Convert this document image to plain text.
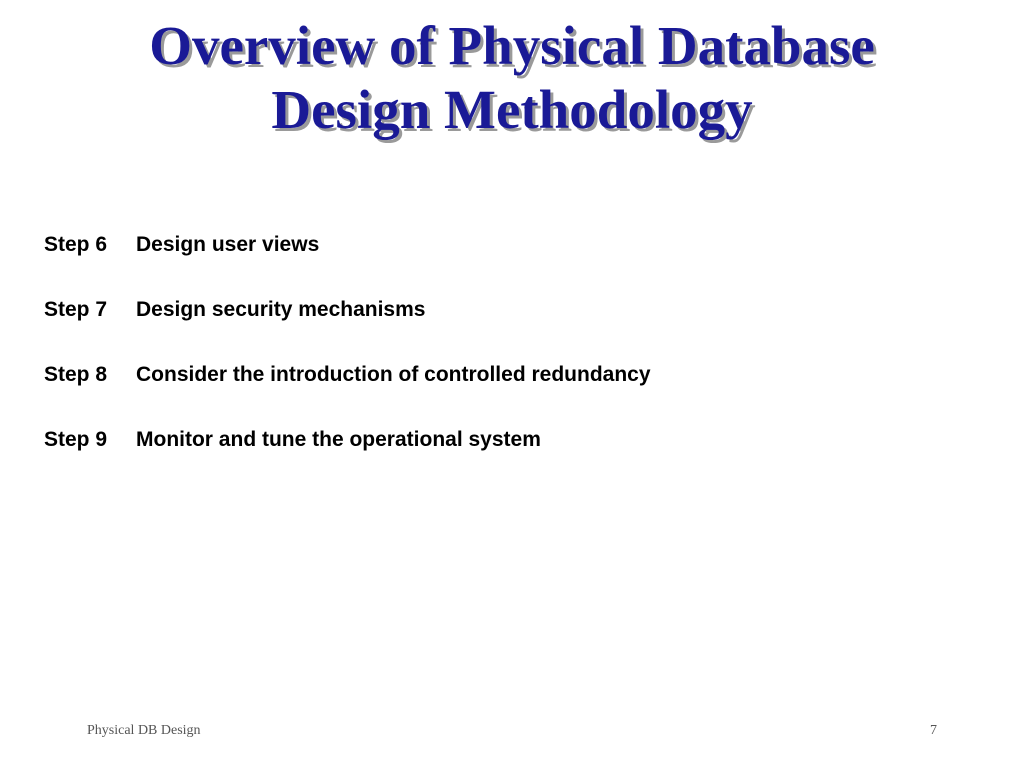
Overview of Physical Database
Design Methodology
Step 6 Design user views
Step 7 Design security mechanisms
Step 8 Consider the introduction of controlled redundancy
Step 9 Monitor and tune the operational system
Physical DB Design	7
